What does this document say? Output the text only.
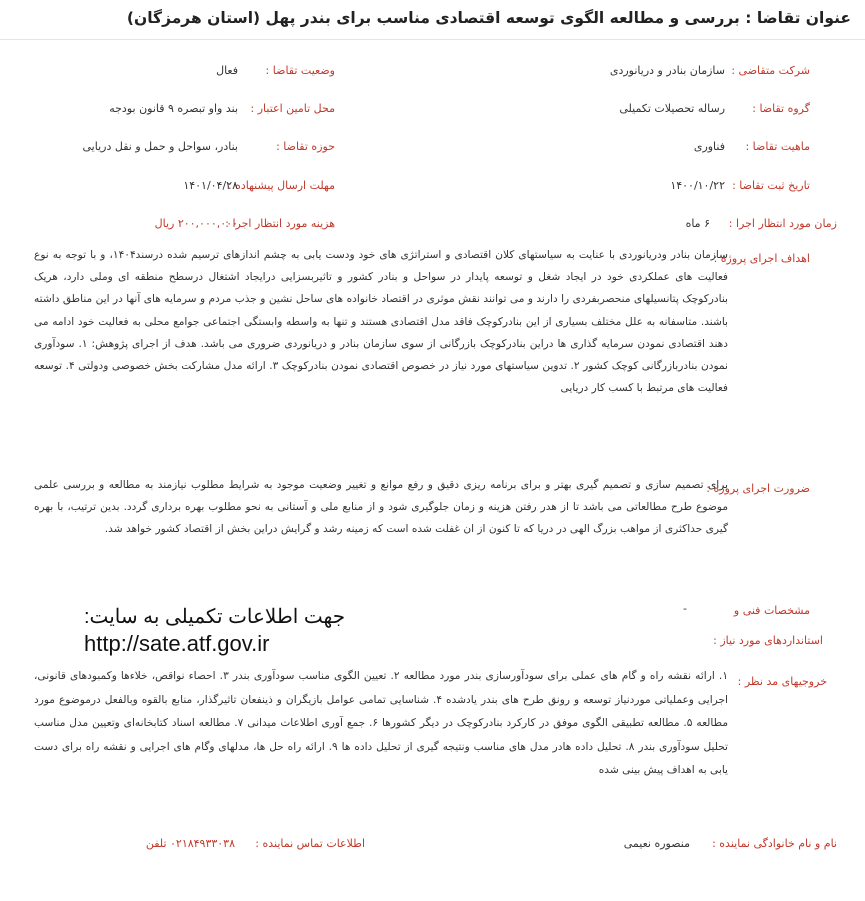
عنوان تقاضا : بررسی و مطالعه الگوی توسعه اقتصادی مناسب برای بندر پهل (استان هرمزگان)
شرکت متقاضی :
سازمان بنادر و دریانوردی
وضعیت تقاضا :
فعال
گروه تقاضا :
رساله تحصیلات تکمیلی
محل تامین اعتبار :
بند واو تبصره ۹ قانون بودجه
ماهیت تقاضا :
فناوری
حوزه تقاضا :
بنادر، سواحل و حمل و نقل دریایی
تاریخ ثبت تقاضا :
۱۴۰۰/۱۰/۲۲
مهلت ارسال پیشنهاده :
۱۴۰۱/۰۴/۲۸
زمان مورد انتظار اجرا :
۶ ماه
هزینه مورد انتظار اجرا :
۲۰۰,۰۰۰,۰۰۰ ریال
اهداف اجرای پروژه :
سازمان بنادر ودریانوردی با عنایت به سیاستهای کلان اقتصادی و استراتژی های خود ودست یابی به چشم اندازهای ترسیم شده درسند۱۴۰۴، و با توجه به نوع فعالیت های عملکردی خود در ایجاد شغل و توسعه پایدار در سواحل و بنادر کشور و تاثیربسزایی درایجاد اشتغال درسطح منطقه ای وملی دارد، هریک بنادرکوچک پتانسیلهای منحصربفردی را دارند و می توانند نقش موثری در اقتصاد خانواده های ساحل نشین و جذب مردم و سرمایه های آنها در این مناطق داشته باشند. متاسفانه به علل مختلف بسیاری از این بنادرکوچک فاقد مدل اقتصادی هستند و تنها به واسطه وابستگی اجتماعی جوامع محلی به فعالیت خود ادامه می دهند اقتصادی نمودن سرمایه گذاری ها دراین بنادرکوچک بازرگانی از سوی سازمان بنادر و دریانوردی ضروری می باشد. هدف از اجرای پژوهش: ۱. سودآوری نمودن بنادربازرگانی کوچک کشور ۲. تدوین سیاستهای مورد نیاز در خصوص اقتصادی نمودن بنادرکوچک ۳. ارائه مدل مشارکت بخش خصوصی ودولتی ۴. توسعه فعالیت های مرتبط با کسب کار دریایی
ضرورت اجرای پروژه :
برای تصمیم سازی و تصمیم گیری بهتر و برای برنامه ریزی دقیق و رفع موانع و تغییر وضعیت موجود به شرایط مطلوب نیازمند به مطالعه و بررسی علمی موضوع طرح مطالعاتی می باشد تا از هدر رفتن هزینه و زمان جلوگیری شود و از منابع ملی و آستانی به نحو مطلوب بهره برداری گردد. بدین ترتیب، با بهره گیری حداکثری از مواهب بزرگ الهی در دریا که تا کنون از ان غفلت شده است که زمینه رشد و گرایش دراین بخش از اقتصاد کشور خواهد شد.
مشخصات فنی و
استانداردهای مورد نیاز :
-
جهت اطلاعات تکمیلی به سایت:
http://sate.atf.gov.ir
خروجیهای مد نظر :
۱. ارائه نقشه راه و گام های عملی برای سودآورسازی بندر مورد مطالعه ۲. تعیین الگوی مناسب سودآوری بندر ۳. احصاء نواقص، خلاءها وکمبودهای قانونی، اجرایی وعملیاتی موردنیاز توسعه و رونق طرح های بندر یادشده ۴. شناسایی تمامی عوامل بازیگران و ذینفعان تاثیرگذار، منابع بالقوه وبالفعل درموضوع مورد مطالعه ۵. مطالعه تطبیقی الگوی موفق در کارکرد بنادرکوچک در دیگر کشورها ۶. جمع آوری اطلاعات میدانی ۷. مطالعه اسناد کتابخانه‌ای وتعیین مدل مناسب تحلیل سودآوری بندر ۸. تحلیل داده هادر مدل های مناسب ونتیجه گیری از تحلیل داده ها ۹. ارائه راه حل ها، مدلهای وگام های اجرایی و نقشه راه برای دست یابی به اهداف پیش بینی شده
نام و نام خانوادگی نماینده :
منصوره نعیمی
اطلاعات تماس نماینده :
۰۲۱۸۴۹۳۳۰۳۸ تلفن
